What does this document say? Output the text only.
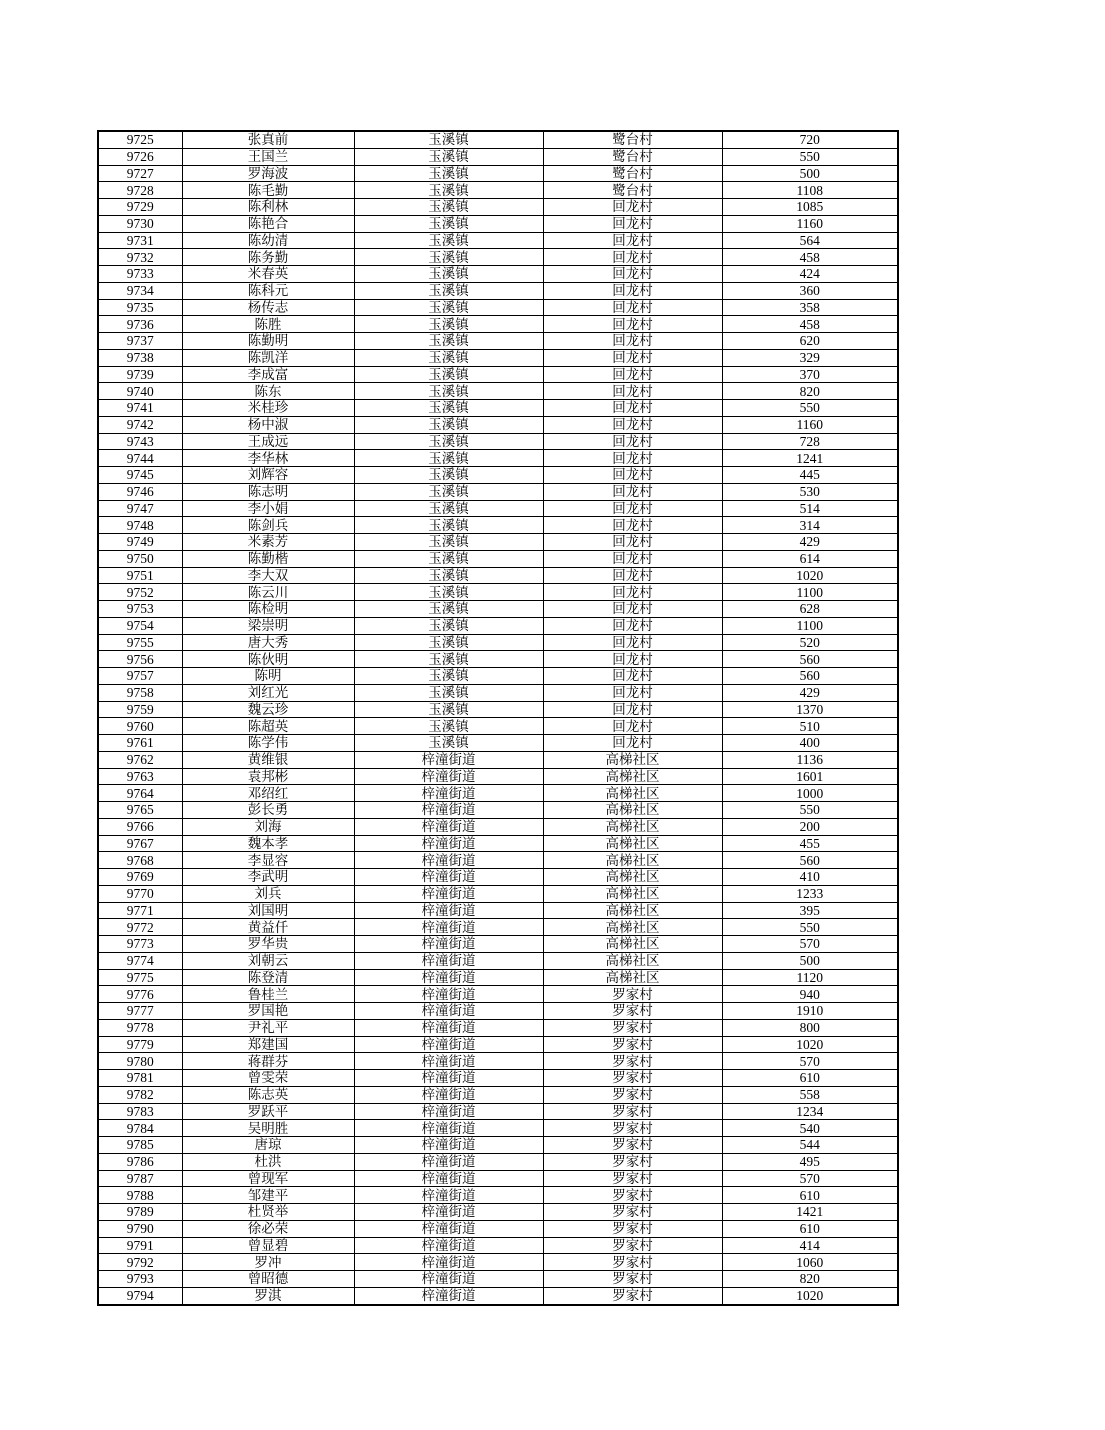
9725	张真前	玉溪镇	鹭台村	720
9726	王国兰	玉溪镇	鹭台村	550
9727	罗海波	玉溪镇	鹭台村	500
9728	陈毛勤	玉溪镇	鹭台村	1108
9729	陈利林	玉溪镇	回龙村	1085
9730	陈艳合	玉溪镇	回龙村	1160
9731	陈幼清	玉溪镇	回龙村	564
9732	陈务勤	玉溪镇	回龙村	458
9733	米春英	玉溪镇	回龙村	424
9734	陈科元	玉溪镇	回龙村	360
9735	杨传志	玉溪镇	回龙村	358
9736	陈胜	玉溪镇	回龙村	458
9737	陈勤明	玉溪镇	回龙村	620
9738	陈凯洋	玉溪镇	回龙村	329
9739	李成富	玉溪镇	回龙村	370
9740	陈东	玉溪镇	回龙村	820
9741	米桂珍	玉溪镇	回龙村	550
9742	杨中淑	玉溪镇	回龙村	1160
9743	王成远	玉溪镇	回龙村	728
9744	李华林	玉溪镇	回龙村	1241
9745	刘辉容	玉溪镇	回龙村	445
9746	陈志明	玉溪镇	回龙村	530
9747	李小娟	玉溪镇	回龙村	514
9748	陈剑兵	玉溪镇	回龙村	314
9749	米素芳	玉溪镇	回龙村	429
9750	陈勤楷	玉溪镇	回龙村	614
9751	李大双	玉溪镇	回龙村	1020
9752	陈云川	玉溪镇	回龙村	1100
9753	陈检明	玉溪镇	回龙村	628
9754	梁崇明	玉溪镇	回龙村	1100
9755	唐大秀	玉溪镇	回龙村	520
9756	陈伙明	玉溪镇	回龙村	560
9757	陈明	玉溪镇	回龙村	560
9758	刘红光	玉溪镇	回龙村	429
9759	魏云珍	玉溪镇	回龙村	1370
9760	陈超英	玉溪镇	回龙村	510
9761	陈学伟	玉溪镇	回龙村	400
9762	黄维银	梓潼街道	高梯社区	1136
9763	袁邦彬	梓潼街道	高梯社区	1601
9764	邓绍红	梓潼街道	高梯社区	1000
9765	彭长勇	梓潼街道	高梯社区	550
9766	刘海	梓潼街道	高梯社区	200
9767	魏本孝	梓潼街道	高梯社区	455
9768	李显容	梓潼街道	高梯社区	560
9769	李武明	梓潼街道	高梯社区	410
9770	刘兵	梓潼街道	高梯社区	1233
9771	刘国明	梓潼街道	高梯社区	395
9772	黄益仟	梓潼街道	高梯社区	550
9773	罗华贵	梓潼街道	高梯社区	570
9774	刘朝云	梓潼街道	高梯社区	500
9775	陈登清	梓潼街道	高梯社区	1120
9776	鲁桂兰	梓潼街道	罗家村	940
9777	罗国艳	梓潼街道	罗家村	1910
9778	尹礼平	梓潼街道	罗家村	800
9779	郑建国	梓潼街道	罗家村	1020
9780	蒋群芬	梓潼街道	罗家村	570
9781	曾雯荣	梓潼街道	罗家村	610
9782	陈志英	梓潼街道	罗家村	558
9783	罗跃平	梓潼街道	罗家村	1234
9784	吴明胜	梓潼街道	罗家村	540
9785	唐琼	梓潼街道	罗家村	544
9786	杜洪	梓潼街道	罗家村	495
9787	曾现军	梓潼街道	罗家村	570
9788	邹建平	梓潼街道	罗家村	610
9789	杜贤举	梓潼街道	罗家村	1421
9790	徐必荣	梓潼街道	罗家村	610
9791	曾显碧	梓潼街道	罗家村	414
9792	罗冲	梓潼街道	罗家村	1060
9793	曾昭德	梓潼街道	罗家村	820
9794	罗淇	梓潼街道	罗家村	1020
